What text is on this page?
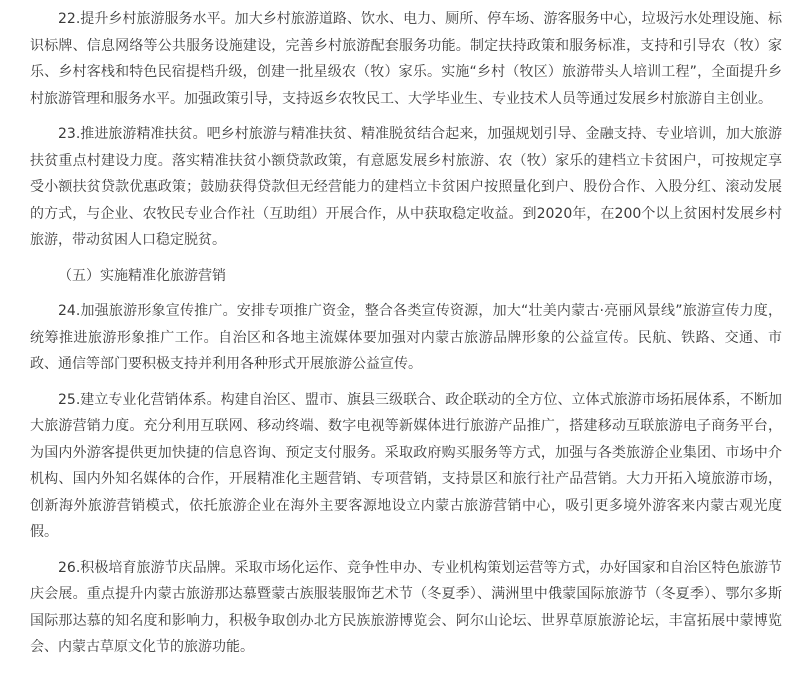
22.提升乡村旅游服务水平。加大乡村旅游道路、饮水、电力、厕所、停车场、游客服务中心，垃圾污水处理设施、标识标牌、信息网络等公共服务设施建设，完善乡村旅游配套服务功能。制定扶持政策和服务标准，支持和引导农（牧）家乐、乡村客栈和特色民宿提档升级，创建一批星级农（牧）家乐。实施“乡村（牧区）旅游带头人培训工程”，全面提升乡村旅游管理和服务水平。加强政策引导，支持返乡农牧民工、大学毕业生、专业技术人员等通过发展乡村旅游自主创业。

23.推进旅游精准扶贫。吧乡村旅游与精准扶贫、精准脱贫结合起来，加强规划引导、金融支持、专业培训，加大旅游扶贫重点村建设力度。落实精准扶贫小额贷款政策，有意愿发展乡村旅游、农（牧）家乐的建档立卡贫困户，可按规定享受小额扶贫贷款优惠政策；鼓励获得贷款但无经营能力的建档立卡贫困户按照量化到户、股份合作、入股分红、滚动发展的方式，与企业、农牧民专业合作社（互助组）开展合作，从中获取稳定收益。到2020年，在200个以上贫困村发展乡村旅游，带动贫困人口稳定脱贫。

（五）实施精准化旅游营销

24.加强旅游形象宣传推广。安排专项推广资金，整合各类宣传资源，加大“壮美内蒙古·亮丽风景线”旅游宣传力度，统筹推进旅游形象推广工作。自治区和各地主流媒体要加强对内蒙古旅游品牌形象的公益宣传。民航、铁路、交通、市政、通信等部门要积极支持并利用各种形式开展旅游公益宣传。

25.建立专业化营销体系。构建自治区、盟市、旗县三级联合、政企联动的全方位、立体式旅游市场拓展体系，不断加大旅游营销力度。充分利用互联网、移动终端、数字电视等新媒体进行旅游产品推广，搭建移动互联旅游电子商务平台，为国内外游客提供更加快捷的信息咨询、预定支付服务。采取政府购买服务等方式，加强与各类旅游企业集团、市场中介机构、国内外知名媒体的合作，开展精准化主题营销、专项营销，支持景区和旅行社产品营销。大力开拓入境旅游市场，创新海外旅游营销模式，依托旅游企业在海外主要客源地设立内蒙古旅游营销中心，吸引更多境外游客来内蒙古观光度假。

26.积极培育旅游节庆品牌。采取市场化运作、竞争性申办、专业机构策划运营等方式，办好国家和自治区特色旅游节庆会展。重点提升内蒙古旅游那达慕暨蒙古族服装服饰艺术节（冬夏季）、满洲里中俄蒙国际旅游节（冬夏季）、鄂尔多斯国际那达慕的知名度和影响力，积极争取创办北方民族旅游博览会、阿尔山论坛、世界草原旅游论坛，丰富拓展中蒙博览会、内蒙古草原文化节的旅游功能。
